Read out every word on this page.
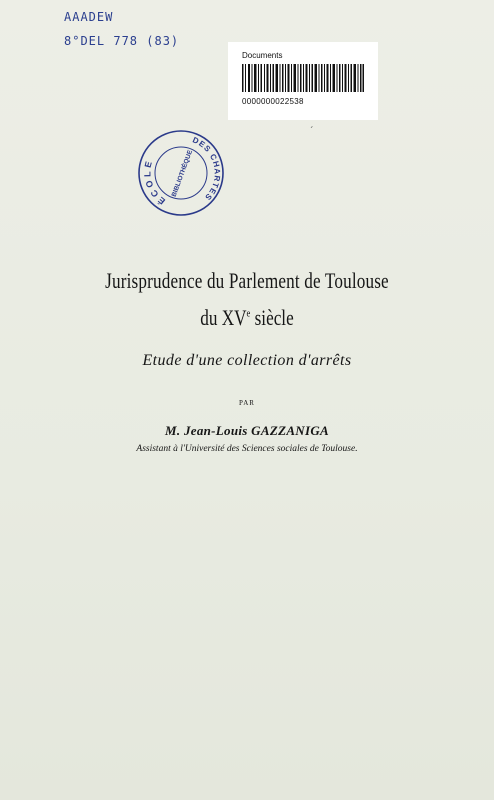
AAADEW
8°DEL 778 (83)
Documents
0000000022538
´
ÉCOLE
DES CHARTES
BIBLIOTHÈQUE
Jurisprudence du Parlement de Toulouse
du XVe siècle
Etude d'une collection d'arrêts
PAR
M. Jean-Louis GAZZANIGA
Assistant à l'Université des Sciences sociales de Toulouse.
